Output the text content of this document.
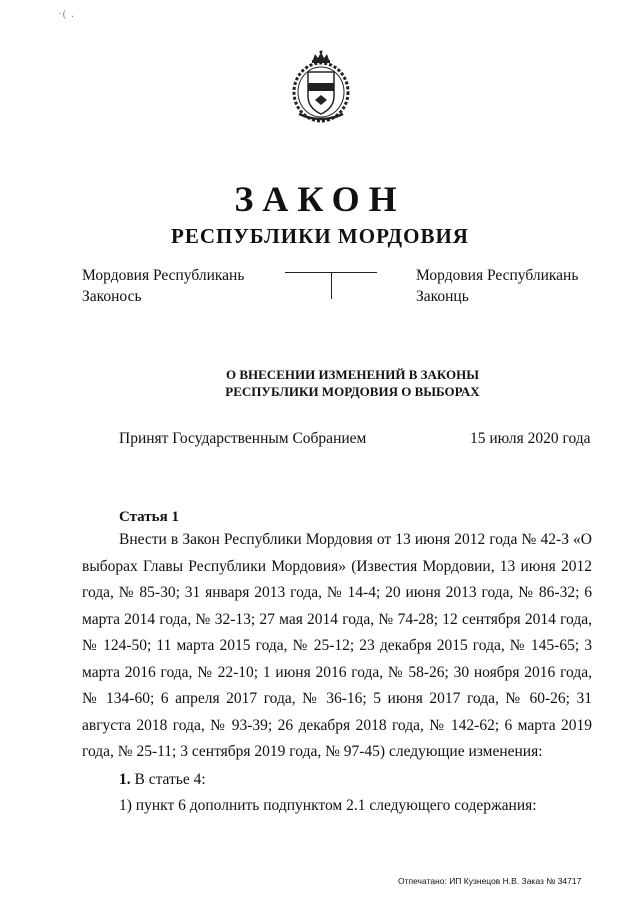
·( .
ЗАКОН
РЕСПУБЛИКИ МОРДОВИЯ
Мордовия Республикань
Законось
Мордовия Республикань
Законць
О ВНЕСЕНИИ ИЗМЕНЕНИЙ В ЗАКОНЫ
РЕСПУБЛИКИ МОРДОВИЯ О ВЫБОРАХ
Принят Государственным Собранием	15 июля 2020 года
Статья 1
Внести в Закон Республики Мордовия от 13 июня 2012 года № 42-З «О выборах Главы Республики Мордовия» (Известия Мордовии, 13 июня 2012 года, № 85-30; 31 января 2013 года, № 14-4; 20 июня 2013 года, № 86-32; 6 марта 2014 года, № 32-13; 27 мая 2014 года, № 74-28; 12 сентября 2014 года, № 124-50; 11 марта 2015 года, № 25-12; 23 декабря 2015 года, № 145-65; 3 марта 2016 года, № 22-10; 1 июня 2016 года, № 58-26; 30 ноября 2016 года, № 134-60; 6 апреля 2017 года, № 36-16; 5 июня 2017 года, № 60-26; 31 августа 2018 года, № 93-39; 26 декабря 2018 года, № 142-62; 6 марта 2019 года, № 25-11; 3 сентября 2019 года, № 97-45) следующие изменения:
1. В статье 4:
1) пункт 6 дополнить подпунктом 2.1 следующего содержания:
Отпечатано: ИП Кузнецов Н.В. Заказ № 34717
